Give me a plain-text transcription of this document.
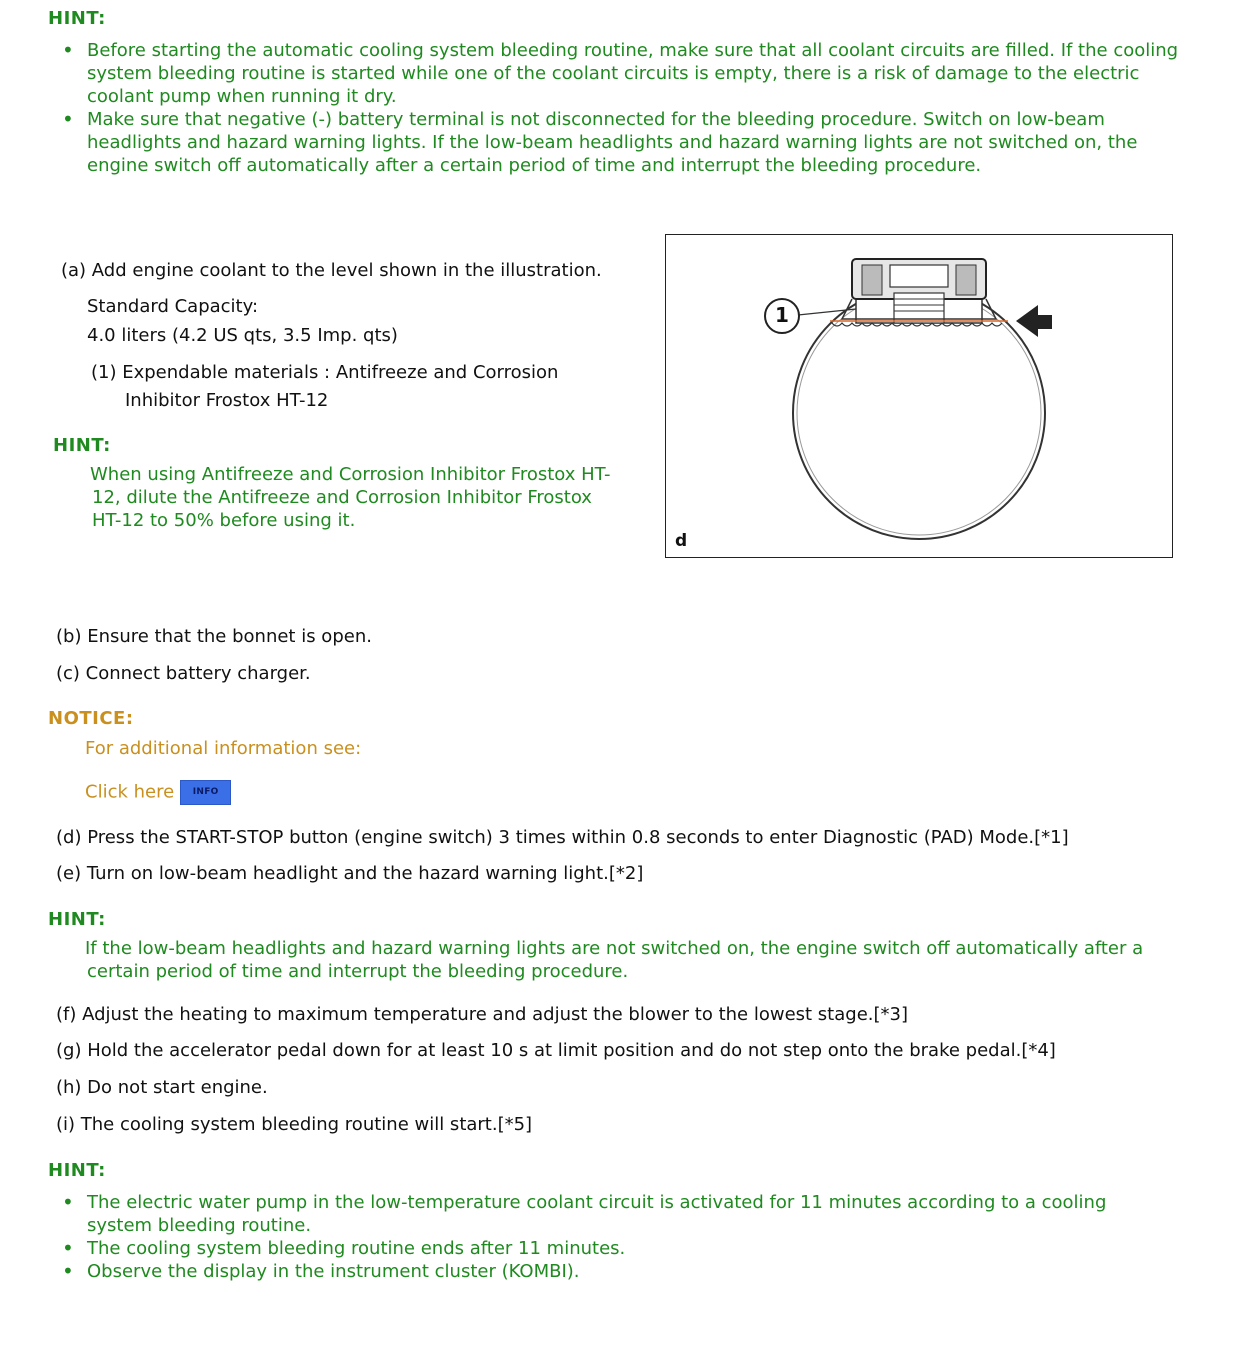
HINT:
• Before starting the automatic cooling system bleeding routine, make sure that all coolant circuits are filled. If the cooling system bleeding routine is started while one of the coolant circuits is empty, there is a risk of damage to the electric coolant pump when running it dry.
• Make sure that negative (-) battery terminal is not disconnected for the bleeding procedure. Switch on low-beam headlights and hazard warning lights. If the low-beam headlights and hazard warning lights are not switched on, the engine switch off automatically after a certain period of time and interrupt the bleeding procedure.
(a) Add engine coolant to the level shown in the illustration.
Standard Capacity:
4.0 liters (4.2 US qts, 3.5 Imp. qts)
(1) Expendable materials : Antifreeze and Corrosion
Inhibitor Frostox HT-12
HINT:
When using Antifreeze and Corrosion Inhibitor Frostox HT-
12, dilute the Antifreeze and Corrosion Inhibitor Frostox
HT-12 to 50% before using it.
1
d
(b) Ensure that the bonnet is open.
(c) Connect battery charger.
NOTICE:
For additional information see:
Click here INFO
(d) Press the START-STOP button (engine switch) 3 times within 0.8 seconds to enter Diagnostic (PAD) Mode.[*1]
(e) Turn on low-beam headlight and the hazard warning light.[*2]
HINT:
If the low-beam headlights and hazard warning lights are not switched on, the engine switch off automatically after a
certain period of time and interrupt the bleeding procedure.
(f) Adjust the heating to maximum temperature and adjust the blower to the lowest stage.[*3]
(g) Hold the accelerator pedal down for at least 10 s at limit position and do not step onto the brake pedal.[*4]
(h) Do not start engine.
(i) The cooling system bleeding routine will start.[*5]
HINT:
• The electric water pump in the low-temperature coolant circuit is activated for 11 minutes according to a cooling system bleeding routine.
• The cooling system bleeding routine ends after 11 minutes.
• Observe the display in the instrument cluster (KOMBI).
